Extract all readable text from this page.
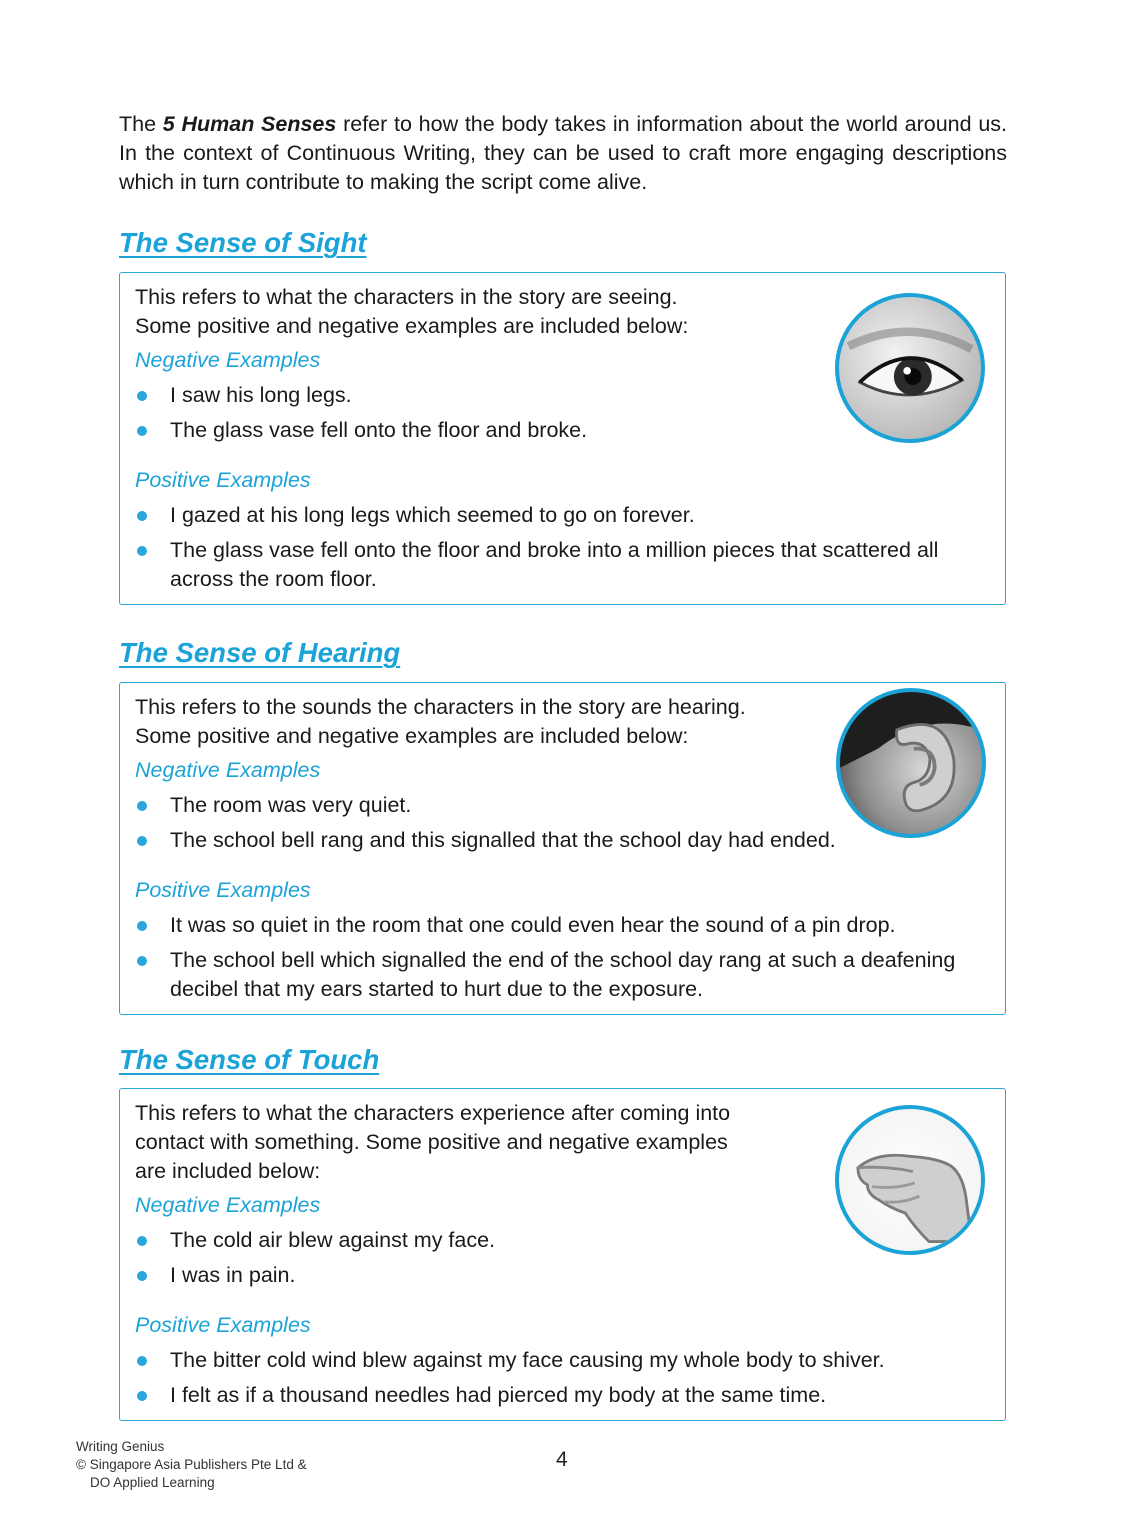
The 5 Human Senses refer to how the body takes in information about the world around us. In the context of Continuous Writing, they can be used to craft more engaging descriptions which in turn contribute to making the script come alive.

The Sense of Sight

This refers to what the characters in the story are seeing.
Some positive and negative examples are included below:

Negative Examples

I saw his long legs.
The glass vase fell onto the floor and broke.

Positive Examples

I gazed at his long legs which seemed to go on forever.
The glass vase fell onto the floor and broke into a million pieces that scattered all across the room floor.
The Sense of Hearing

This refers to the sounds the characters in the story are hearing.
Some positive and negative examples are included below:

Negative Examples

The room was very quiet.
The school bell rang and this signalled that the school day had ended.

Positive Examples

It was so quiet in the room that one could even hear the sound of a pin drop.
The school bell which signalled the end of the school day rang at such a deafening decibel that my ears started to hurt due to the exposure.
The Sense of Touch

This refers to what the characters experience after coming into
contact with something. Some positive and negative examples
are included below:

Negative Examples

The cold air blew against my face.
I was in pain.

Positive Examples

The bitter cold wind blew against my face causing my whole body to shiver.
I felt as if a thousand needles had pierced my body at the same time.
Writing Genius
© Singapore Asia Publishers Pte Ltd &
DO Applied Learning
4
